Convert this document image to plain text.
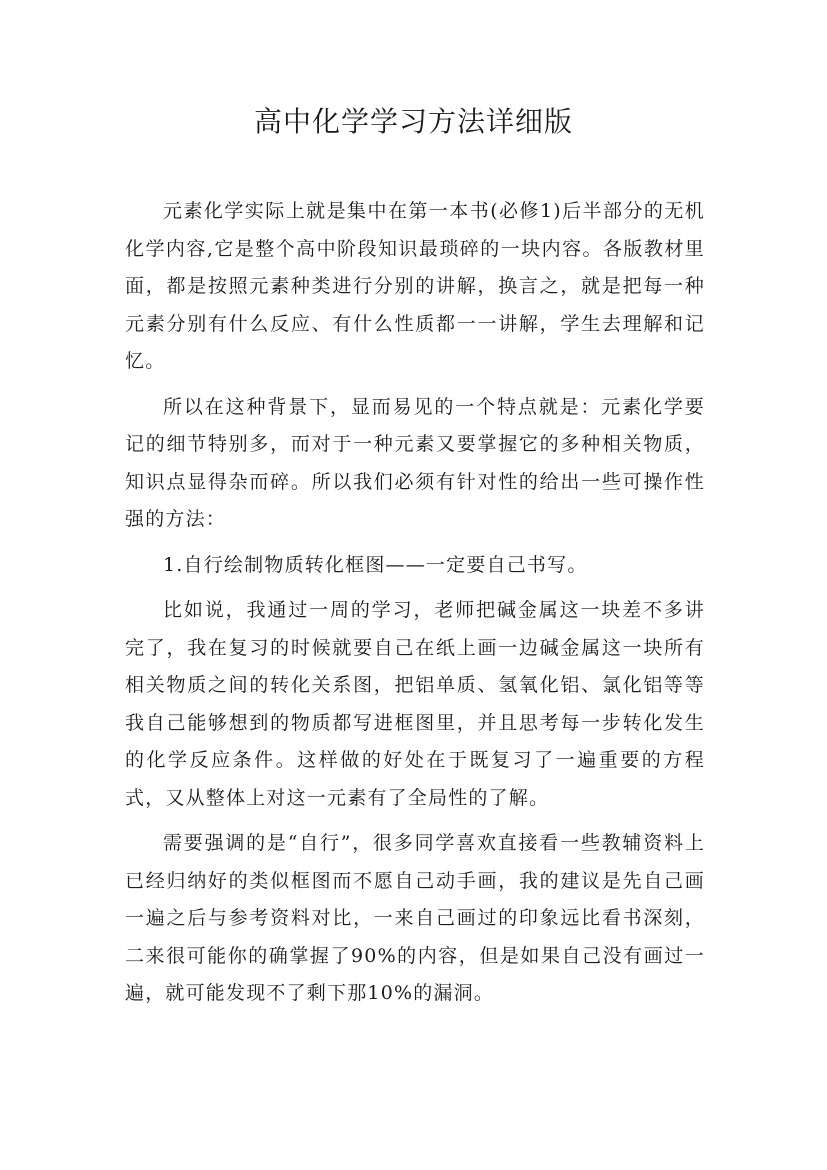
高中化学学习方法详细版

元素化学实际上就是集中在第一本书(必修1)后半部分的无机化学内容,它是整个高中阶段知识最琐碎的一块内容。各版教材里面，都是按照元素种类进行分别的讲解，换言之，就是把每一种元素分别有什么反应、有什么性质都一一讲解，学生去理解和记忆。

所以在这种背景下，显而易见的一个特点就是：元素化学要记的细节特别多，而对于一种元素又要掌握它的多种相关物质，知识点显得杂而碎。所以我们必须有针对性的给出一些可操作性强的方法：

1.自行绘制物质转化框图——一定要自己书写。

比如说，我通过一周的学习，老师把碱金属这一块差不多讲完了，我在复习的时候就要自己在纸上画一边碱金属这一块所有相关物质之间的转化关系图，把铝单质、氢氧化铝、氯化铝等等我自己能够想到的物质都写进框图里，并且思考每一步转化发生的化学反应条件。这样做的好处在于既复习了一遍重要的方程式，又从整体上对这一元素有了全局性的了解。

需要强调的是“自行”，很多同学喜欢直接看一些教辅资料上已经归纳好的类似框图而不愿自己动手画，我的建议是先自己画一遍之后与参考资料对比，一来自己画过的印象远比看书深刻，二来很可能你的确掌握了90%的内容，但是如果自己没有画过一遍，就可能发现不了剩下那10%的漏洞。
